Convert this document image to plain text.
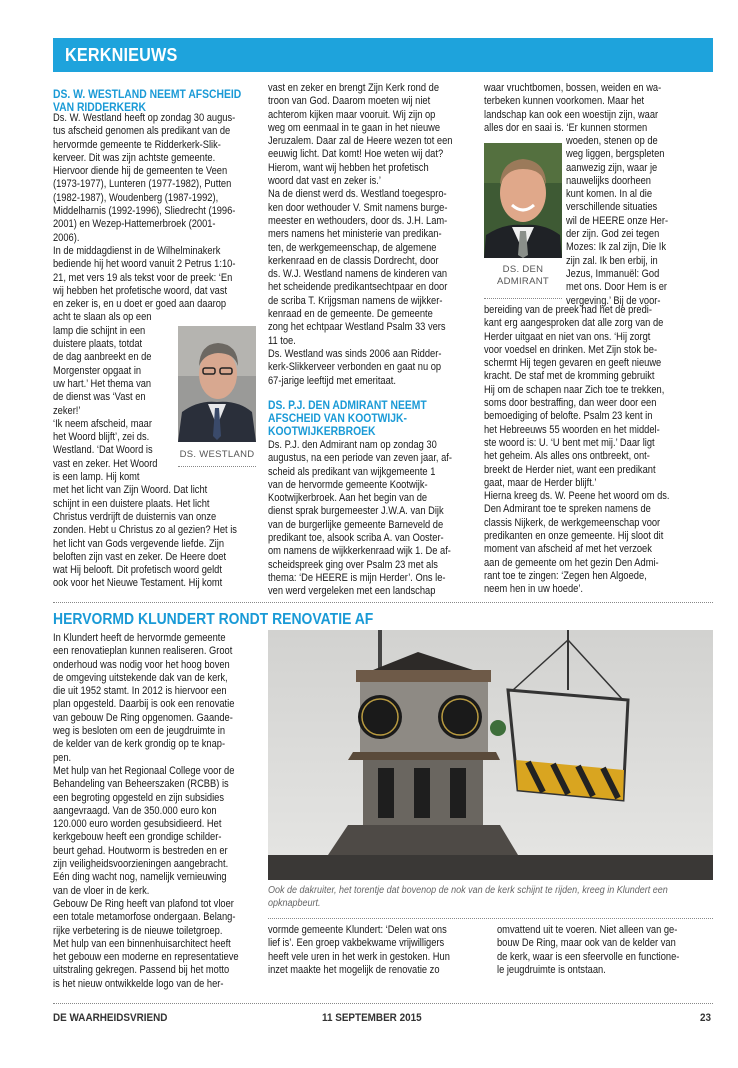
KERKNIEUWS
DS. W. WESTLAND NEEMT AFSCHEID
VAN RIDDERKERK
Ds. W. Westland heeft op zondag 30 augus-
tus afscheid genomen als predikant van de
hervormde gemeente te Ridderkerk-Slik-
kerveer. Dit was zijn achtste gemeente.
Hiervoor diende hij de gemeenten te Veen
(1973-1977), Lunteren (1977-1982), Putten
(1982-1987), Woudenberg (1987-1992),
Middelharnis (1992-1996), Sliedrecht (1996-
2001) en Wezep-Hattemerbroek (2001-
2006).
In de middagdienst in de Wilhelminakerk
bediende hij het woord vanuit 2 Petrus 1:10-
21, met vers 19 als tekst voor de preek: ‘En
wij hebben het profetische woord, dat vast
en zeker is, en u doet er goed aan daarop
acht te slaan als op een
lamp die schijnt in een
duistere plaats, totdat
de dag aanbreekt en de
Morgenster opgaat in
uw hart.’ Het thema van
de dienst was ‘Vast en
zeker!’
‘Ik neem afscheid, maar
het Woord blijft’, zei ds.
Westland. ‘Dat Woord is
vast en zeker. Het Woord
is een lamp. Hij komt
met het licht van Zijn Woord. Dat licht
schijnt in een duistere plaats. Het licht
Christus verdrijft de duisternis van onze
zonden. Hebt u Christus zo al gezien? Het is
het licht van Gods vergevende liefde. Zijn
beloften zijn vast en zeker. De Heere doet
wat Hij belooft. Dit profetisch woord geldt
ook voor het Nieuwe Testament. Hij komt
DS. WESTLAND
vast en zeker en brengt Zijn Kerk rond de
troon van God. Daarom moeten wij niet
achterom kijken maar vooruit. Wij zijn op
weg om eenmaal in te gaan in het nieuwe
Jeruzalem. Daar zal de Heere wezen tot een
eeuwig licht. Dat komt! Hoe weten wij dat?
Hierom, want wij hebben het profetisch
woord dat vast en zeker is.’
Na de dienst werd ds. Westland toegespro-
ken door wethouder V. Smit namens burge-
meester en wethouders, door ds. J.H. Lam-
mers namens het ministerie van predikan-
ten, de werkgemeenschap, de algemene
kerkenraad en de classis Dordrecht, door
ds. W.J. Westland namens de kinderen van
het scheidende predikantsechtpaar en door
de scriba T. Krijgsman namens de wijkker-
kenraad en de gemeente. De gemeente
zong het echtpaar Westland Psalm 33 vers
11 toe.
Ds. Westland was sinds 2006 aan Ridder-
kerk-Slikkerveer verbonden en gaat nu op
67-jarige leeftijd met emeritaat.
DS. P.J. DEN ADMIRANT NEEMT
AFSCHEID VAN KOOTWIJK-
KOOTWIJKERBROEK
Ds. P.J. den Admirant nam op zondag 30
augustus, na een periode van zeven jaar, af-
scheid als predikant van wijkgemeente 1
van de hervormde gemeente Kootwijk-
Kootwijkerbroek. Aan het begin van de
dienst sprak burgemeester J.W.A. van Dijk
van de burgerlijke gemeente Barneveld de
predikant toe, alsook scriba A. van Ooster-
om namens de wijkkerkenraad wijk 1. De af-
scheidspreek ging over Psalm 23 met als
thema: ‘De HEERE is mijn Herder’. Ons le-
ven werd vergeleken met een landschap
waar vruchtbomen, bossen, weiden en wa-
terbeken kunnen voorkomen. Maar het
landschap kan ook een woestijn zijn, waar
alles dor en saai is. ‘Er kunnen stormen
woeden, stenen op de
weg liggen, bergspleten
aanwezig zijn, waar je
nauwelijks doorheen
kunt komen. In al die
verschillende situaties
wil de HEERE onze Her-
der zijn. God zei tegen
Mozes: Ik zal zijn, Die Ik
zijn zal. Ik ben erbij, in
Jezus, Immanuël: God
met ons. Door Hem is er
vergeving.’ Bij de voor-
bereiding van de preek had het de predi-
kant erg aangesproken dat alle zorg van de
Herder uitgaat en niet van ons. ‘Hij zorgt
voor voedsel en drinken. Met Zijn stok be-
schermt Hij tegen gevaren en geeft nieuwe
kracht. De staf met de kromming gebruikt
Hij om de schapen naar Zich toe te trekken,
soms door bestraffing, dan weer door een
bemoediging of belofte. Psalm 23 kent in
het Hebreeuws 55 woorden en het middel-
ste woord is: U. ‘U bent met mij.’ Daar ligt
het geheim. Als alles ons ontbreekt, ont-
breekt de Herder niet, want een predikant
gaat, maar de Herder blijft.’
Hierna kreeg ds. W. Peene het woord om ds.
Den Admirant toe te spreken namens de
classis Nijkerk, de werkgemeenschap voor
predikanten en onze gemeente. Hij sloot dit
moment van afscheid af met het verzoek
aan de gemeente om het gezin Den Admi-
rant toe te zingen: ‘Zegen hen Algoede,
neem hen in uw hoede’.
DS. DEN
ADMIRANT
HERVORMD KLUNDERT RONDT RENOVATIE AF
In Klundert heeft de hervormde gemeente
een renovatieplan kunnen realiseren. Groot
onderhoud was nodig voor het hoog boven
de omgeving uitstekende dak van de kerk,
die uit 1952 stamt. In 2012 is hiervoor een
plan opgesteld. Daarbij is ook een renovatie
van gebouw De Ring opgenomen. Gaande-
weg is besloten om een de jeugdruimte in
de kelder van de kerk grondig op te knap-
pen.
Met hulp van het Regionaal College voor de
Behandeling van Beheerszaken (RCBB) is
een begroting opgesteld en zijn subsidies
aangevraagd. Van de 350.000 euro kon
120.000 euro worden gesubsidieerd. Het
kerkgebouw heeft een grondige schilder-
beurt gehad. Houtworm is bestreden en er
zijn veiligheidsvoorzieningen aangebracht.
Eén ding wacht nog, namelijk vernieuwing
van de vloer in de kerk.
Gebouw De Ring heeft van plafond tot vloer
een totale metamorfose ondergaan. Belang-
rijke verbetering is de nieuwe toiletgroep.
Met hulp van een binnenhuisarchitect heeft
het gebouw een moderne en representatieve
uitstraling gekregen. Passend bij het motto
is het nieuw ontwikkelde logo van de her-
Ook de dakruiter, het torentje dat bovenop de nok van de kerk schijnt te rijden, kreeg in Klundert een
opknapbeurt.
vormde gemeente Klundert: ‘Delen wat ons
lief is’. Een groep vakbekwame vrijwilligers
heeft vele uren in het werk in gestoken. Hun
inzet maakte het mogelijk de renovatie zo
omvattend uit te voeren. Niet alleen van ge-
bouw De Ring, maar ook van de kelder van
de kerk, waar is een sfeervolle en functione-
le jeugdruimte is ontstaan.
DE WAARHEIDSVRIEND	11 SEPTEMBER 2015	23
